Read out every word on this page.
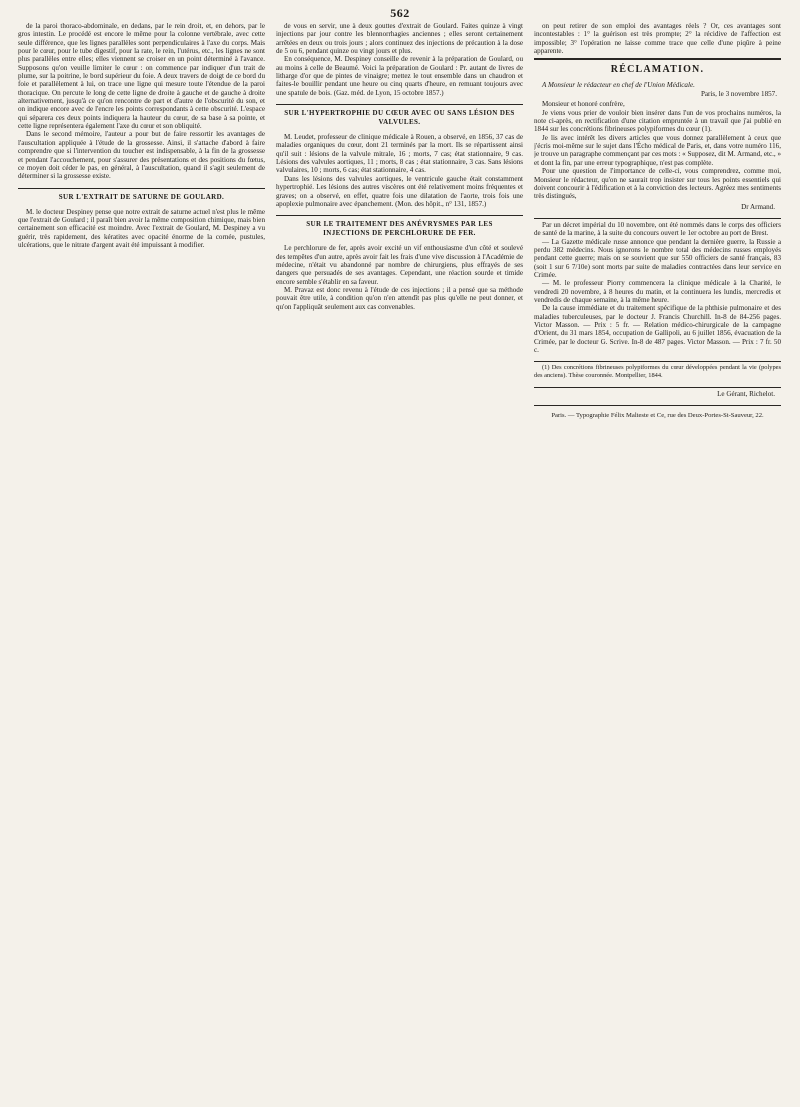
562

de la paroi thoraco-abdominale, en dedans, par le rein droit, et, en dehors, par le gros intestin. Le procédé est encore le même pour la colonne vertébrale, avec cette seule différence, que les lignes parallèles sont perpendiculaires à l'axe du corps. Mais pour le cœur, pour le tube digestif, pour la rate, le rein, l'utérus, etc., les lignes ne sont plus parallèles entre elles; elles viennent se croiser en un point déterminé à l'avance. Supposons qu'on veuille limiter le cœur : on commence par indiquer d'un trait de plume, sur la poitrine, le bord supérieur du foie. A deux travers de doigt de ce bord du foie et parallèlement à lui, on trace une ligne qui mesure toute l'étendue de la paroi thoracique. On percute le long de cette ligne de droite à gauche et de gauche à droite alternativement, jusqu'à ce qu'on rencontre de part et d'autre de l'obscurité du son, et on indique encore avec de l'encre les points correspondants à cette obscurité. L'espace qui séparera ces deux points indiquera la hauteur du cœur, de sa base à sa pointe, et cette ligne représentera également l'axe du cœur et son obliquité.

Dans le second mémoire, l'auteur a pour but de faire ressortir les avantages de l'auscultation appliquée à l'étude de la grossesse. Ainsi, il s'attache d'abord à faire comprendre que si l'intervention du toucher est indispensable, à la fin de la grossesse et pendant l'accouchement, pour s'assurer des présentations et des positions du fœtus, ce moyen doit céder le pas, en général, à l'auscultation, quand il s'agit seulement de déterminer si la grossesse existe.

SUR L'EXTRAIT DE SATURNE DE GOULARD.

M. le docteur Despiney pense que notre extrait de saturne actuel n'est plus le même que l'extrait de Goulard ; il paraît bien avoir la même composition chimique, mais bien certainement son efficacité est moindre. Avec l'extrait de Goulard, M. Despiney a vu guérir, très rapidement, des kératites avec opacité énorme de la cornée, pustules, ulcérations, que le nitrate d'argent avait été impuissant à modifier.

de vous en servir, une à deux gouttes d'extrait de Goulard. Faites quinze à vingt injections par jour contre les blennorrhagies anciennes ; elles seront certainement arrêtées en deux ou trois jours ; alors continuez des injections de précaution à la dose de 5 ou 6, pendant quinze ou vingt jours et plus.

En conséquence, M. Despiney conseille de revenir à la préparation de Goulard, ou au moins à celle de Beaumé. Voici la préparation de Goulard : Pr. autant de livres de litharge d'or que de pintes de vinaigre; mettez le tout ensemble dans un chaudron et faites-le bouillir pendant une heure ou cinq quarts d'heure, en remuant toujours avec une spatule de bois. (Gaz. méd. de Lyon, 15 octobre 1857.)

SUR L'HYPERTROPHIE DU CŒUR AVEC OU SANS LÉSION DES VALVULES.

M. Leudet, professeur de clinique médicale à Rouen, a observé, en 1856, 37 cas de maladies organiques du cœur, dont 21 terminés par la mort. Ils se répartissent ainsi qu'il suit : lésions de la valvule mitrale, 16 ; morts, 7 cas; état stationnaire, 9 cas. Lésions des valvules aortiques, 11 ; morts, 8 cas ; état stationnaire, 3 cas. Sans lésions valvulaires, 10 ; morts, 6 cas; état stationnaire, 4 cas.

Dans les lésions des valvules aortiques, le ventricule gauche était constamment hypertrophié. Les lésions des autres viscères ont été relativement moins fréquentes et graves; on a observé, en effet, quatre fois une dilatation de l'aorte, trois fois une apoplexie pulmonaire avec épanchement. (Mon. des hôpit., n° 131, 1857.)

SUR LE TRAITEMENT DES ANÉVRYSMES PAR LES INJECTIONS DE PERCHLORURE DE FER.

Le perchlorure de fer, après avoir excité un vif enthousiasme d'un côté et soulevé des tempêtes d'un autre, après avoir fait les frais d'une vive discussion à l'Académie de médecine, n'était vu abandonné par nombre de chirurgiens, plus effrayés de ses dangers que persuadés de ses avantages. Cependant, une réaction sourde et timide encore semble s'établir en sa faveur.

M. Pravaz est donc revenu à l'étude de ces injections ; il a pensé que sa méthode pouvait être utile, à condition qu'on n'en attendît pas plus qu'elle ne peut donner, et qu'on l'appliquât seulement aux cas convenables.

on peut retirer de son emploi des avantages réels ? Or, ces avantages sont incontestables : 1° la guérison est très prompte; 2° la récidive de l'affection est impossible; 3° l'opération ne laisse comme trace que celle d'une piqûre à peine apparente.

RÉCLAMATION.

A Monsieur le rédacteur en chef de l'Union Médicale.

Paris, le 3 novembre 1857.

Monsieur et honoré confrère,

Je viens vous prier de vouloir bien insérer dans l'un de vos prochains numéros, la note ci-après, en rectification d'une citation empruntée à un travail que j'ai publié en 1844 sur les concrétions fibrineuses polypiformes du cœur (1).

Je lis avec intérêt les divers articles que vous donnez parallèlement à ceux que j'écris moi-même sur le sujet dans l'Écho médical de Paris, et, dans votre numéro 116, je trouve un paragraphe commençant par ces mots : « Supposez, dit M. Armand, etc., » et dont la fin, par une erreur typographique, n'est pas complète.

Pour une question de l'importance de celle-ci, vous comprendrez, comme moi, Monsieur le rédacteur, qu'on ne saurait trop insister sur tous les points essentiels qui doivent concourir à l'édification et à la conviction des lecteurs. Agréez mes sentiments très distingués,

Dr Armand.

Par un décret impérial du 10 novembre, ont été nommés dans le corps des officiers de santé de la marine, à la suite du concours ouvert le 1er octobre au port de Brest.

— La Gazette médicale russe annonce que pendant la dernière guerre, la Russie a perdu 382 médecins. Nous ignorons le nombre total des médecins russes employés pendant cette guerre; mais on se souvient que sur 550 officiers de santé français, 83 (soit 1 sur 6 7/10e) sont morts par suite de maladies contractées dans leur service en Crimée.

— M. le professeur Piorry commencera la clinique médicale à la Charité, le vendredi 20 novembre, à 8 heures du matin, et la continuera les lundis, mercredis et vendredis de chaque semaine, à la même heure.

De la cause immédiate et du traitement spécifique de la phthisie pulmonaire et des maladies tuberculeuses, par le docteur J. Francis Churchill. In-8 de 84-256 pages. Victor Masson. — Prix : 5 fr. — Relation médico-chirurgicale de la campagne d'Orient, du 31 mars 1854, occupation de Gallipoli, au 6 juillet 1856, évacuation de la Crimée, par le docteur G. Scrive. In-8 de 487 pages. Victor Masson. — Prix : 7 fr. 50 c.

(1) Des concrétions fibrineuses polypiformes du cœur développées pendant la vie (polypes des anciens). Thèse couronnée. Montpellier, 1844.

Le Gérant, Richelot.
Paris. — Typographie Félix Malteste et Ce, rue des Deux-Portes-St-Sauveur, 22.
